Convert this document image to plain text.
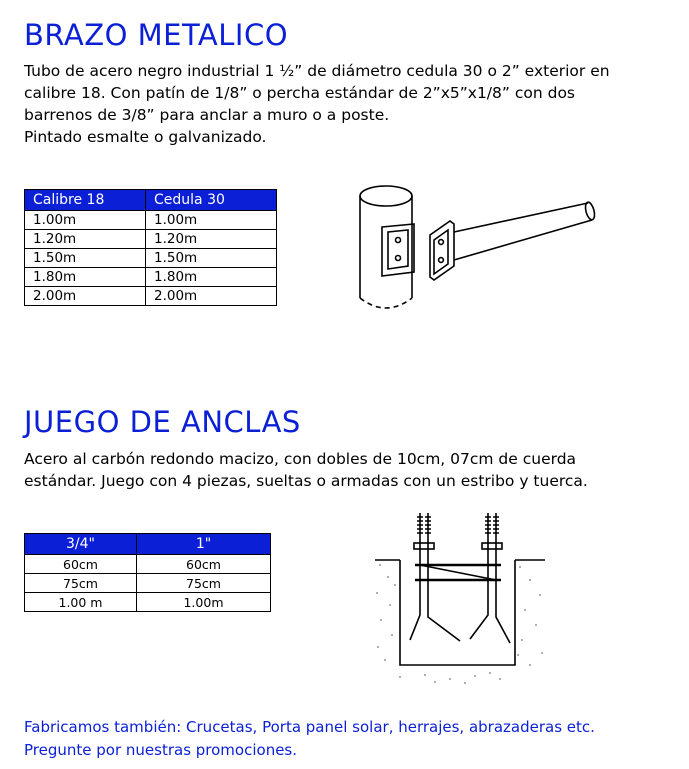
BRAZO METALICO

Tubo de acero negro industrial 1 ½” de diámetro cedula 30 o 2” exterior en

calibre 18. Con patín de 1/8” o percha estándar de 2”x5”x1/8” con dos

barrenos de 3/8” para anclar a muro o a poste.

Pintado esmalte o galvanizado.

Calibre 18	Cedula 30
1.00m	1.00m
1.20m	1.20m
1.50m	1.50m
1.80m	1.80m
2.00m	2.00m
JUEGO DE ANCLAS

Acero al carbón redondo macizo, con dobles de 10cm, 07cm de cuerda

estándar. Juego con 4 piezas, sueltas o armadas con un estribo y tuerca.

3/4"	1"
60cm	60cm
75cm	75cm
1.00 m	1.00m

Fabricamos también: Crucetas, Porta panel solar, herrajes, abrazaderas etc.

Pregunte por nuestras promociones.
